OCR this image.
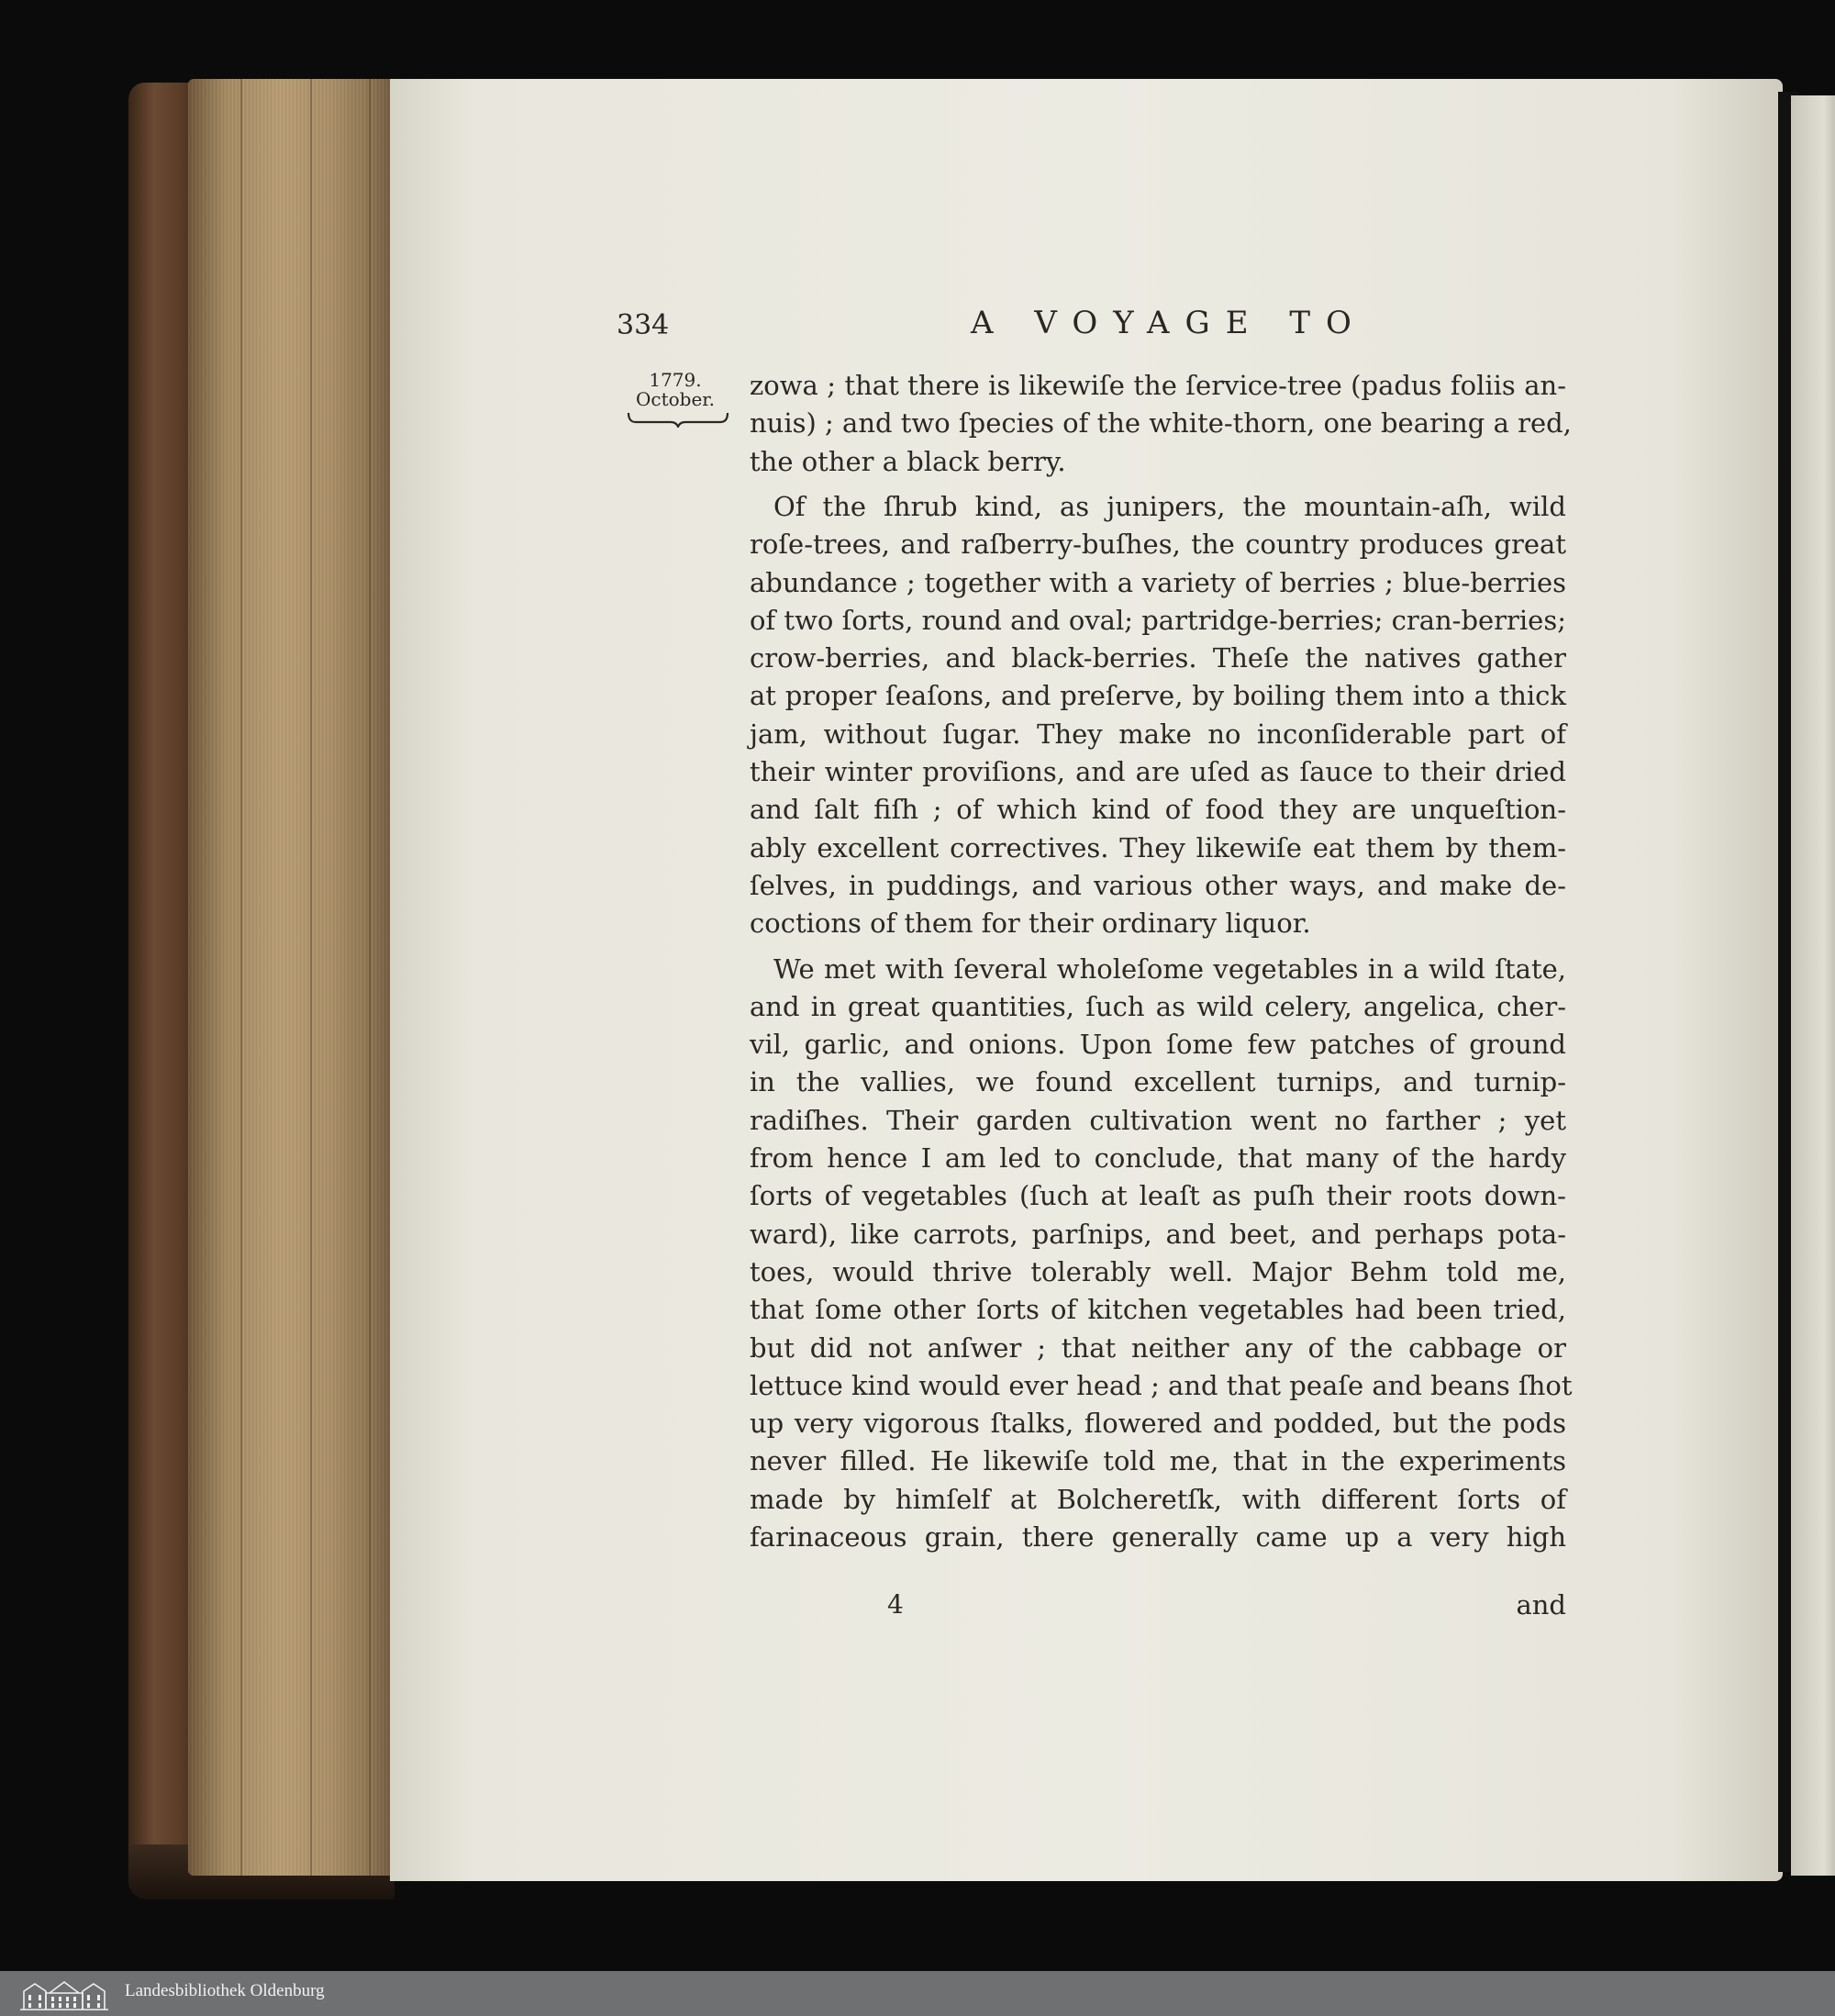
334	A VOYAGE TO
1779.
October. zowa ; that there is likewiſe the ſervice-tree (padus foliis an-
nuis) ; and two ſpecies of the white-thorn, one bearing a red,
the other a black berry.
Of the ſhrub kind, as junipers, the mountain-aſh, wild
roſe-trees, and raſberry-buſhes, the country produces great
abundance ; together with a variety of berries ; blue-berries
of two ſorts, round and oval; partridge-berries; cran-berries;
crow-berries, and black-berries. Theſe the natives gather
at proper ſeaſons, and preſerve, by boiling them into a thick
jam, without ſugar. They make no inconſiderable part of
their winter proviſions, and are uſed as ſauce to their dried
and ſalt fiſh ; of which kind of food they are unqueſtion-
ably excellent correctives. They likewiſe eat them by them-
ſelves, in puddings, and various other ways, and make de-
coctions of them for their ordinary liquor.
We met with ſeveral wholeſome vegetables in a wild ſtate,
and in great quantities, ſuch as wild celery, angelica, cher-
vil, garlic, and onions. Upon ſome few patches of ground
in the vallies, we found excellent turnips, and turnip-
radiſhes. Their garden cultivation went no farther ; yet
from hence I am led to conclude, that many of the hardy
ſorts of vegetables (ſuch at leaſt as puſh their roots down-
ward), like carrots, parſnips, and beet, and perhaps pota-
toes, would thrive tolerably well. Major Behm told me,
that ſome other ſorts of kitchen vegetables had been tried,
but did not anſwer ; that neither any of the cabbage or
lettuce kind would ever head ; and that peaſe and beans ſhot
up very vigorous ſtalks, flowered and podded, but the pods
never filled. He likewiſe told me, that in the experiments
made by himſelf at Bolcheretſk, with different ſorts of
farinaceous grain, there generally came up a very high
4	and
Landesbibliothek Oldenburg
